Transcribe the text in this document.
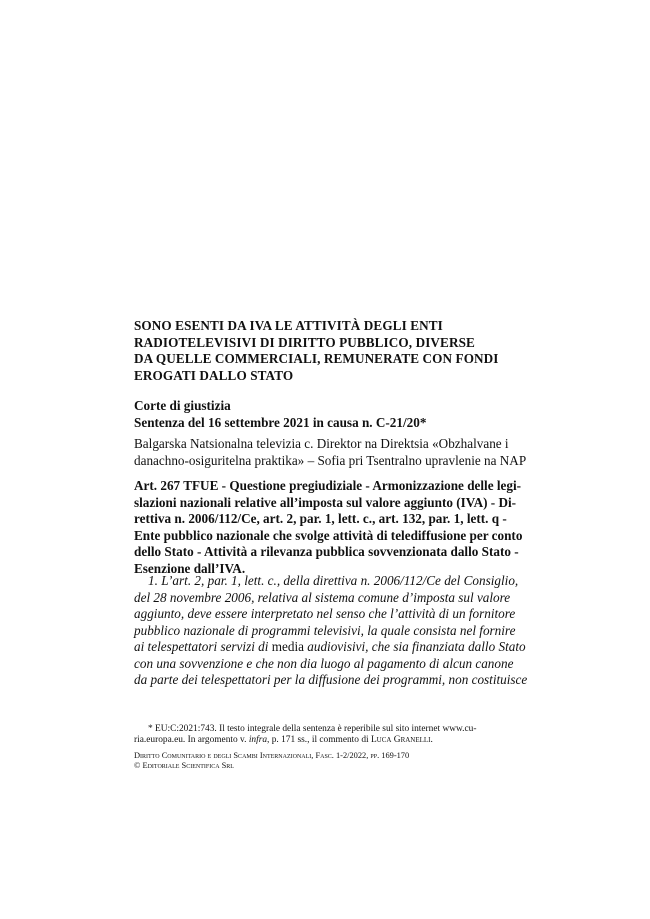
SONO ESENTI DA IVA LE ATTIVITÀ DEGLI ENTI
RADIOTELEVISIVI DI DIRITTO PUBBLICO, DIVERSE
DA QUELLE COMMERCIALI, REMUNERATE CON FONDI
EROGATI DALLO STATO
Corte di giustizia
Sentenza del 16 settembre 2021 in causa n. C-21/20*
Balgarska Natsionalna televizia c. Direktor na Direktsia «Obzhalvane i
danachno-osiguritelna praktika» – Sofia pri Tsentralno upravlenie na NAP
Art. 267 TFUE - Questione pregiudiziale - Armonizzazione delle legi-
slazioni nazionali relative all’imposta sul valore aggiunto (IVA) - Di-
rettiva n. 2006/112/Ce, art. 2, par. 1, lett. c., art. 132, par. 1, lett. q -
Ente pubblico nazionale che svolge attività di telediffusione per conto
dello Stato - Attività a rilevanza pubblica sovvenzionata dallo Stato -
Esenzione dall’IVA.
1. L’art. 2, par. 1, lett. c., della direttiva n. 2006/112/Ce del Consiglio,
del 28 novembre 2006, relativa al sistema comune d’imposta sul valore
aggiunto, deve essere interpretato nel senso che l’attività di un fornitore
pubblico nazionale di programmi televisivi, la quale consista nel fornire
ai telespettatori servizi di media audiovisivi, che sia finanziata dallo Stato
con una sovvenzione e che non dia luogo al pagamento di alcun canone
da parte dei telespettatori per la diffusione dei programmi, non costituisce
* EU:C:2021:743. Il testo integrale della sentenza è reperibile sul sito internet www.cu-
ria.europa.eu. In argomento v. infra, p. 171 ss., il commento di Luca Granelli.
Diritto Comunitario e degli Scambi Internazionali, Fasc. 1-2/2022, pp. 169-170
© Editoriale Scientifica Srl
